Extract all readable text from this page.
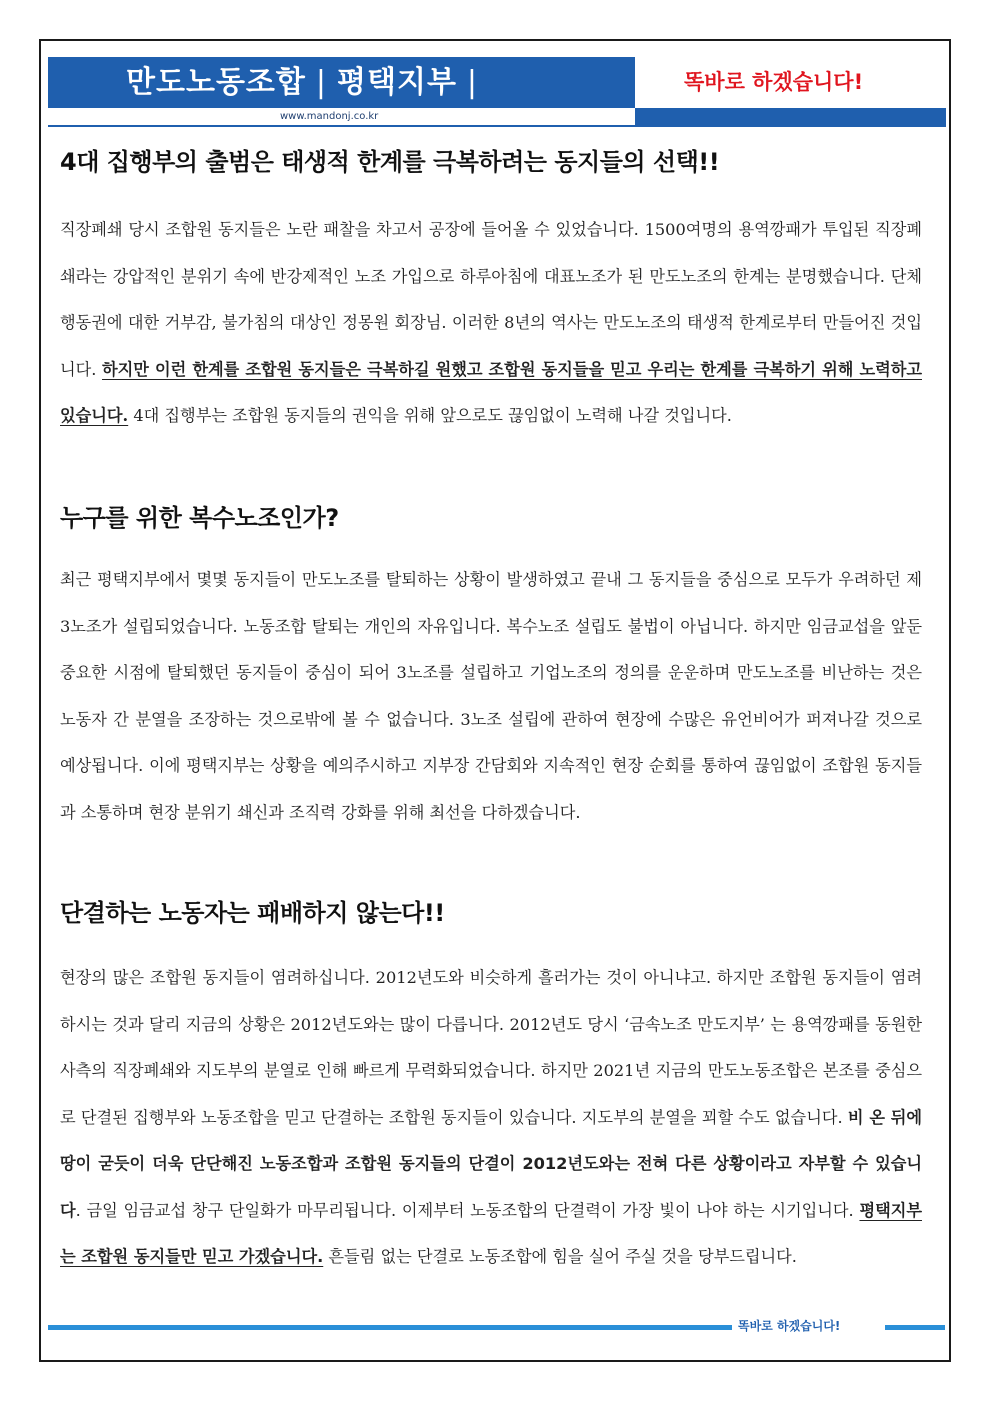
만도노동조합 | 평택지부 |
www.mandonj.co.kr
똑바로 하겠습니다!
4대 집행부의 출범은 태생적 한계를 극복하려는 동지들의 선택!!
직장폐쇄 당시 조합원 동지들은 노란 패찰을 차고서 공장에 들어올 수 있었습니다. 1500여명의 용역깡패가 투입된 직장폐쇄라는 강압적인 분위기 속에 반강제적인 노조 가입으로 하루아침에 대표노조가 된 만도노조의 한계는 분명했습니다. 단체행동권에 대한 거부감, 불가침의 대상인 정몽원 회장님. 이러한 8년의 역사는 만도노조의 태생적 한계로부터 만들어진 것입니다. 하지만 이런 한계를 조합원 동지들은 극복하길 원했고 조합원 동지들을 믿고 우리는 한계를 극복하기 위해 노력하고 있습니다. 4대 집행부는 조합원 동지들의 권익을 위해 앞으로도 끊임없이 노력해 나갈 것입니다.
누구를 위한 복수노조인가?
최근 평택지부에서 몇몇 동지들이 만도노조를 탈퇴하는 상황이 발생하였고 끝내 그 동지들을 중심으로 모두가 우려하던 제 3노조가 설립되었습니다. 노동조합 탈퇴는 개인의 자유입니다. 복수노조 설립도 불법이 아닙니다. 하지만 임금교섭을 앞둔 중요한 시점에 탈퇴했던 동지들이 중심이 되어 3노조를 설립하고 기업노조의 정의를 운운하며 만도노조를 비난하는 것은 노동자 간 분열을 조장하는 것으로밖에 볼 수 없습니다. 3노조 설립에 관하여 현장에 수많은 유언비어가 퍼져나갈 것으로 예상됩니다. 이에 평택지부는 상황을 예의주시하고 지부장 간담회와 지속적인 현장 순회를 통하여 끊임없이 조합원 동지들과 소통하며 현장 분위기 쇄신과 조직력 강화를 위해 최선을 다하겠습니다.
단결하는 노동자는 패배하지 않는다!!
현장의 많은 조합원 동지들이 염려하십니다. 2012년도와 비슷하게 흘러가는 것이 아니냐고. 하지만 조합원 동지들이 염려하시는 것과 달리 지금의 상황은 2012년도와는 많이 다릅니다. 2012년도 당시 ‘금속노조 만도지부’ 는 용역깡패를 동원한 사측의 직장폐쇄와 지도부의 분열로 인해 빠르게 무력화되었습니다. 하지만 2021년 지금의 만도노동조합은 본조를 중심으로 단결된 집행부와 노동조합을 믿고 단결하는 조합원 동지들이 있습니다. 지도부의 분열을 꾀할 수도 없습니다. 비 온 뒤에 땅이 굳듯이 더욱 단단해진 노동조합과 조합원 동지들의 단결이 2012년도와는 전혀 다른 상황이라고 자부할 수 있습니다. 금일 임금교섭 창구 단일화가 마무리됩니다. 이제부터 노동조합의 단결력이 가장 빛이 나야 하는 시기입니다. 평택지부는 조합원 동지들만 믿고 가겠습니다. 흔들림 없는 단결로 노동조합에 힘을 실어 주실 것을 당부드립니다.
똑바로 하겠습니다!
